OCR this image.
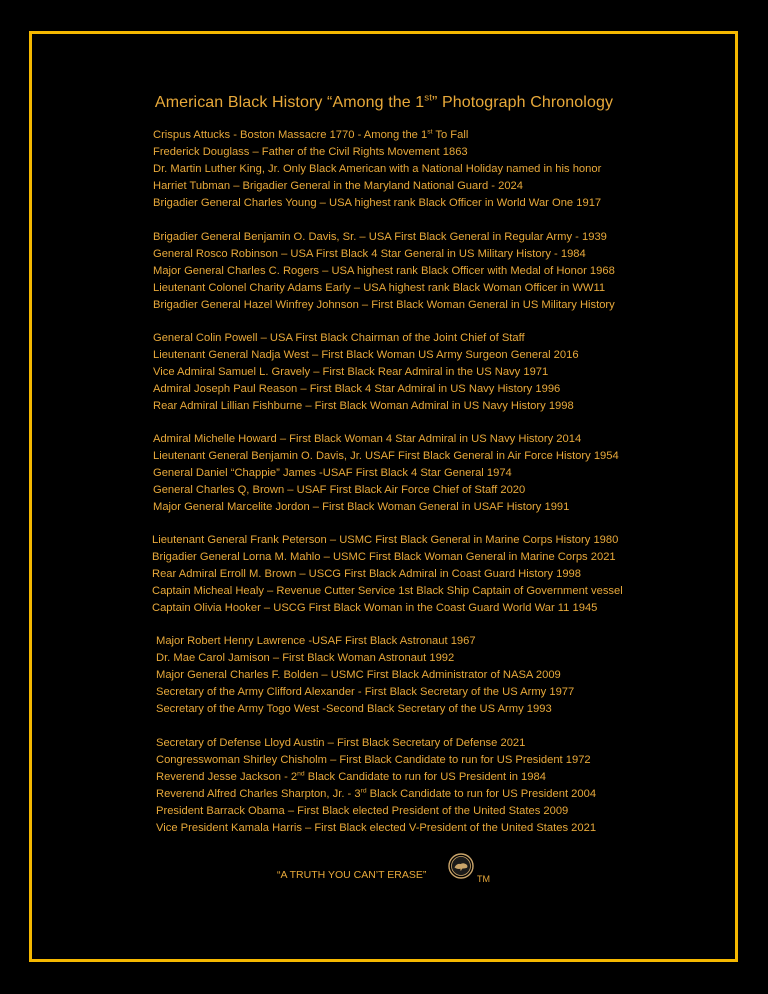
American Black History “Among the 1st” Photograph Chronology
Crispus Attucks - Boston Massacre 1770 - Among the 1st To Fall
Frederick Douglass – Father of the Civil Rights Movement 1863
Dr. Martin Luther King, Jr. Only Black American with a National Holiday named in his honor
Harriet Tubman – Brigadier General in the Maryland National Guard - 2024
Brigadier General Charles Young – USA highest rank Black Officer in World War One 1917
Brigadier General Benjamin O. Davis, Sr. – USA First Black General in Regular Army - 1939
General Rosco Robinson – USA First Black 4 Star General in US Military History - 1984
Major General Charles C. Rogers – USA highest rank Black Officer with Medal of Honor 1968
Lieutenant Colonel Charity Adams Early – USA highest rank Black Woman Officer in WW11
Brigadier General Hazel Winfrey Johnson – First Black Woman General in US Military History
General Colin Powell – USA First Black Chairman of the Joint Chief of Staff
Lieutenant General Nadja West – First Black Woman US Army Surgeon General 2016
Vice Admiral Samuel L. Gravely – First Black Rear Admiral in the US Navy 1971
Admiral Joseph Paul Reason – First Black 4 Star Admiral in US Navy History 1996
Rear Admiral Lillian Fishburne – First Black Woman Admiral in US Navy History 1998
Admiral Michelle Howard – First Black Woman 4 Star Admiral in US Navy History 2014
Lieutenant General Benjamin O. Davis, Jr. USAF First Black General in Air Force History 1954
General Daniel “Chappie” James -USAF First Black 4 Star General 1974
General Charles Q, Brown – USAF First Black Air Force Chief of Staff 2020
Major General Marcelite Jordon – First Black Woman General in USAF History 1991
Lieutenant General Frank Peterson – USMC First Black General in Marine Corps History 1980
Brigadier General Lorna M. Mahlo – USMC First Black Woman General in Marine Corps 2021
Rear Admiral Erroll M. Brown – USCG First Black Admiral in Coast Guard History 1998
Captain Micheal Healy – Revenue Cutter Service 1st Black Ship Captain of Government vessel
Captain Olivia Hooker – USCG First Black Woman in the Coast Guard World War 11 1945
Major Robert Henry Lawrence -USAF First Black Astronaut 1967
Dr. Mae Carol Jamison – First Black Woman Astronaut 1992
Major General Charles F. Bolden – USMC First Black Administrator of NASA 2009
Secretary of the Army Clifford Alexander - First Black Secretary of the US Army 1977
Secretary of the Army Togo West -Second Black Secretary of the US Army 1993
Secretary of Defense Lloyd Austin – First Black Secretary of Defense 2021
Congresswoman Shirley Chisholm – First Black Candidate to run for US President 1972
Reverend Jesse Jackson - 2nd Black Candidate to run for US President in 1984
Reverend Alfred Charles Sharpton, Jr. - 3rd Black Candidate to run for US President 2004
President Barrack Obama – First Black elected President of the United States 2009
Vice President Kamala Harris – First Black elected V-President of the United States 2021
“A TRUTH YOU CAN’T ERASE”	TM
